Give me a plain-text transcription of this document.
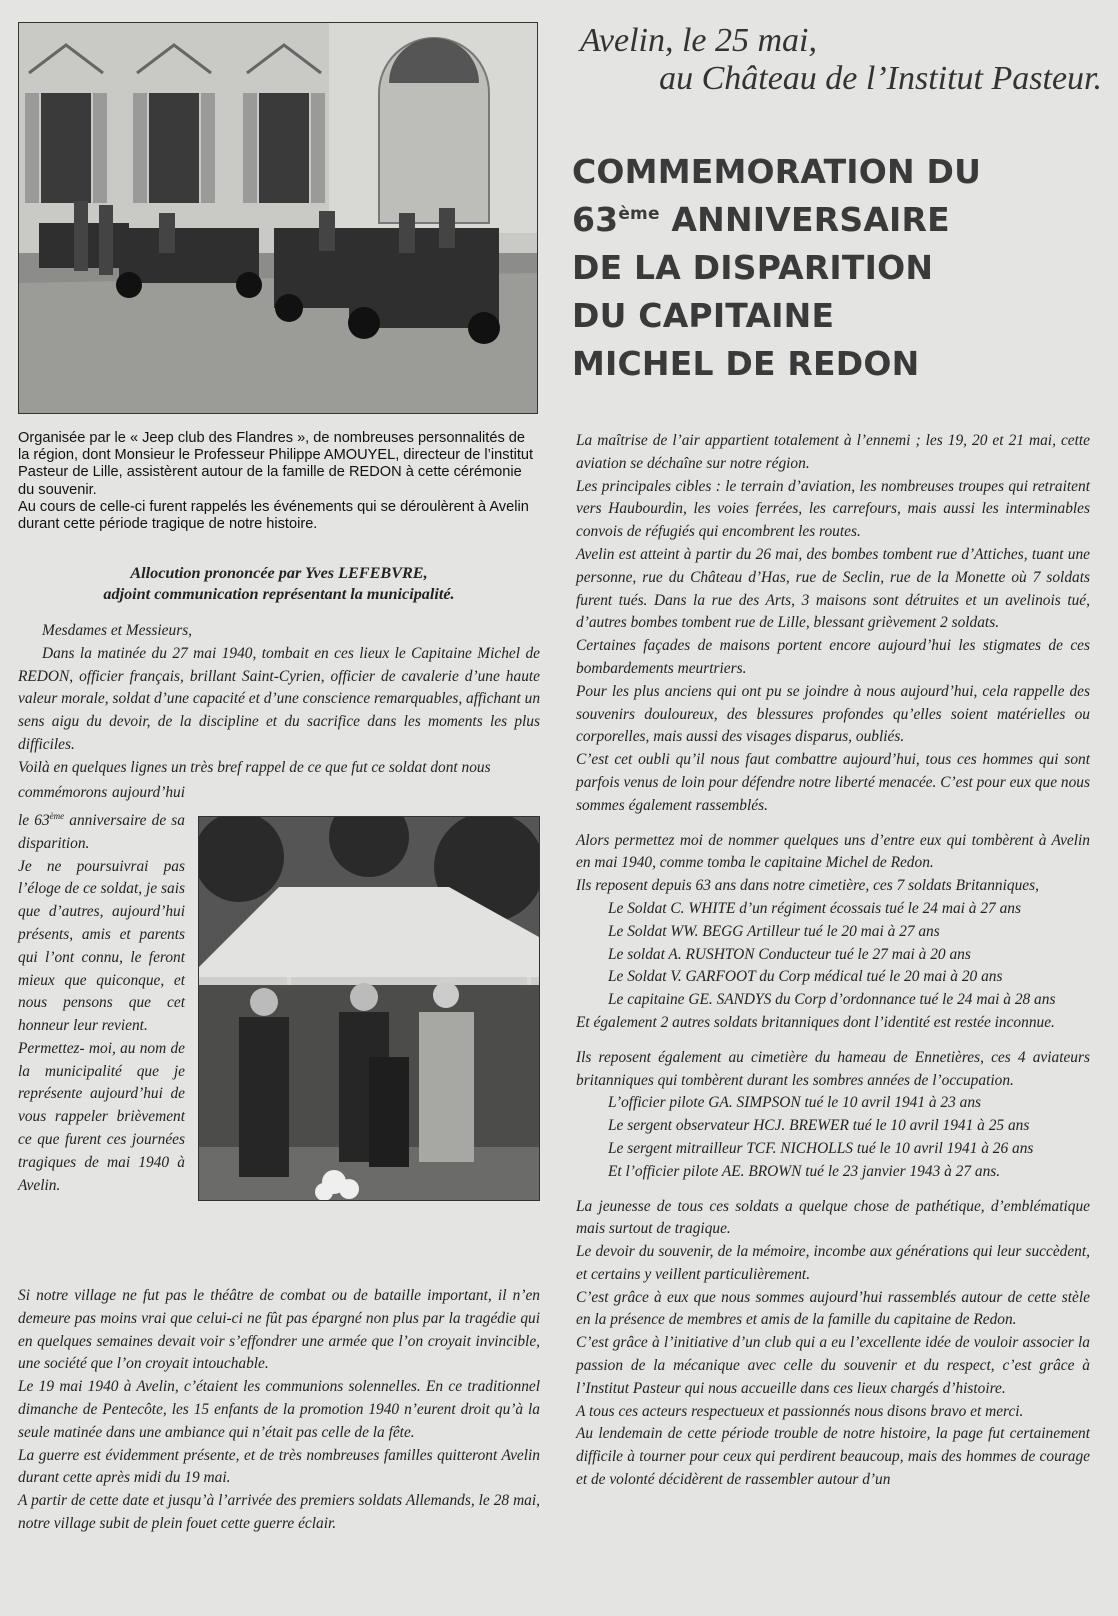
Avelin, le 25 mai,
au Château de l’Institut Pasteur.
COMMEMORATION DU
63ème ANNIVERSAIRE
DE LA DISPARITION
DU CAPITAINE
MICHEL DE REDON

Organisée par le « Jeep club des Flandres », de nombreuses personnalités de la région, dont Monsieur le Professeur Philippe AMOUYEL, directeur de l’institut Pasteur de Lille, assistèrent autour de la famille de REDON à cette cérémonie du souvenir.

Au cours de celle-ci furent rappelés les événements qui se déroulèrent à Avelin durant cette période tragique de notre histoire.

Allocution prononcée par Yves LEFEBVRE,
adjoint communication représentant la municipalité.

Mesdames et Messieurs,

Dans la matinée du 27 mai 1940, tombait en ces lieux le Capitaine Michel de REDON, officier français, brillant Saint-Cyrien, officier de cavalerie d’une haute valeur morale, soldat d’une capacité et d’une conscience remarquables, affichant un sens aigu du devoir, de la discipline et du sacrifice dans les moments les plus difficiles.

Voilà en quelques lignes un très bref rappel de ce que fut ce soldat dont nous

commémorons aujourd’hui le 63ème anniversaire de sa disparition.

Je ne poursuivrai pas l’éloge de ce soldat, je sais que d’autres, aujourd’hui présents, amis et parents qui l’ont connu, le feront mieux que quiconque, et nous pensons que cet honneur leur revient.

Permettez- moi, au nom de la municipalité que je représente aujourd’hui de vous rappeler brièvement ce que furent ces journées tragiques de mai 1940 à Avelin.

Si notre village ne fut pas le théâtre de combat ou de bataille important, il n’en demeure pas moins vrai que celui-ci ne fût pas épargné non plus par la tragédie qui en quelques semaines devait voir s’effondrer une armée que l’on croyait invincible, une société que l’on croyait intouchable.

Le 19 mai 1940 à Avelin, c’étaient les communions solennelles. En ce traditionnel dimanche de Pentecôte, les 15 enfants de la promotion 1940 n’eurent droit qu’à la seule matinée dans une ambiance qui n’était pas celle de la fête.

La guerre est évidemment présente, et de très nombreuses familles quitteront Avelin durant cette après midi du 19 mai.

A partir de cette date et jusqu’à l’arrivée des premiers soldats Allemands, le 28 mai, notre village subit de plein fouet cette guerre éclair.

La maîtrise de l’air appartient totalement à l’ennemi ; les 19, 20 et 21 mai, cette aviation se déchaîne sur notre région.

Les principales cibles : le terrain d’aviation, les nombreuses troupes qui retraitent vers Haubourdin, les voies ferrées, les carrefours, mais aussi les interminables convois de réfugiés qui encombrent les routes.

Avelin est atteint à partir du 26 mai, des bombes tombent rue d’Attiches, tuant une personne, rue du Château d’Has, rue de Seclin, rue de la Monette où 7 soldats furent tués. Dans la rue des Arts, 3 maisons sont détruites et un avelinois tué, d’autres bombes tombent rue de Lille, blessant grièvement 2 soldats.

Certaines façades de maisons portent encore aujourd’hui les stigmates de ces bombardements meurtriers.

Pour les plus anciens qui ont pu se joindre à nous aujourd’hui, cela rappelle des souvenirs douloureux, des blessures profondes qu’elles soient matérielles ou corporelles, mais aussi des visages disparus, oubliés.

C’est cet oubli qu’il nous faut combattre aujourd’hui, tous ces hommes qui sont parfois venus de loin pour défendre notre liberté menacée. C’est pour eux que nous sommes également rassemblés.

Alors permettez moi de nommer quelques uns d’entre eux qui tombèrent à Avelin en mai 1940, comme tomba le capitaine Michel de Redon.

Ils reposent depuis 63 ans dans notre cimetière, ces 7 soldats Britanniques,

Le Soldat C. WHITE d’un régiment écossais tué le 24 mai à 27 ans

Le Soldat WW. BEGG Artilleur tué le 20 mai à 27 ans

Le soldat A. RUSHTON Conducteur tué le 27 mai à 20 ans

Le Soldat V. GARFOOT du Corp médical tué le 20 mai à 20 ans

Le capitaine GE. SANDYS du Corp d’ordonnance tué le 24 mai à 28 ans

Et également 2 autres soldats britanniques dont l’identité est restée inconnue.

Ils reposent également au cimetière du hameau de Ennetières, ces 4 aviateurs britanniques qui tombèrent durant les sombres années de l’occupation.

L’officier pilote GA. SIMPSON tué le 10 avril 1941 à 23 ans

Le sergent observateur HCJ. BREWER tué le 10 avril 1941 à 25 ans

Le sergent mitrailleur TCF. NICHOLLS tué le 10 avril 1941 à 26 ans

Et l’officier pilote AE. BROWN tué le 23 janvier 1943 à 27 ans.

La jeunesse de tous ces soldats a quelque chose de pathétique, d’emblématique mais surtout de tragique.

Le devoir du souvenir, de la mémoire, incombe aux générations qui leur succèdent, et certains y veillent particulièrement.

C’est grâce à eux que nous sommes aujourd’hui rassemblés autour de cette stèle en la présence de membres et amis de la famille du capitaine de Redon.

C’est grâce à l’initiative d’un club qui a eu l’excellente idée de vouloir associer la passion de la mécanique avec celle du souvenir et du respect, c’est grâce à l’Institut Pasteur qui nous accueille dans ces lieux chargés d’histoire.

A tous ces acteurs respectueux et passionnés nous disons bravo et merci.

Au lendemain de cette période trouble de notre histoire, la page fut certainement difficile à tourner pour ceux qui perdirent beaucoup, mais des hommes de courage et de volonté décidèrent de rassembler autour d’un
